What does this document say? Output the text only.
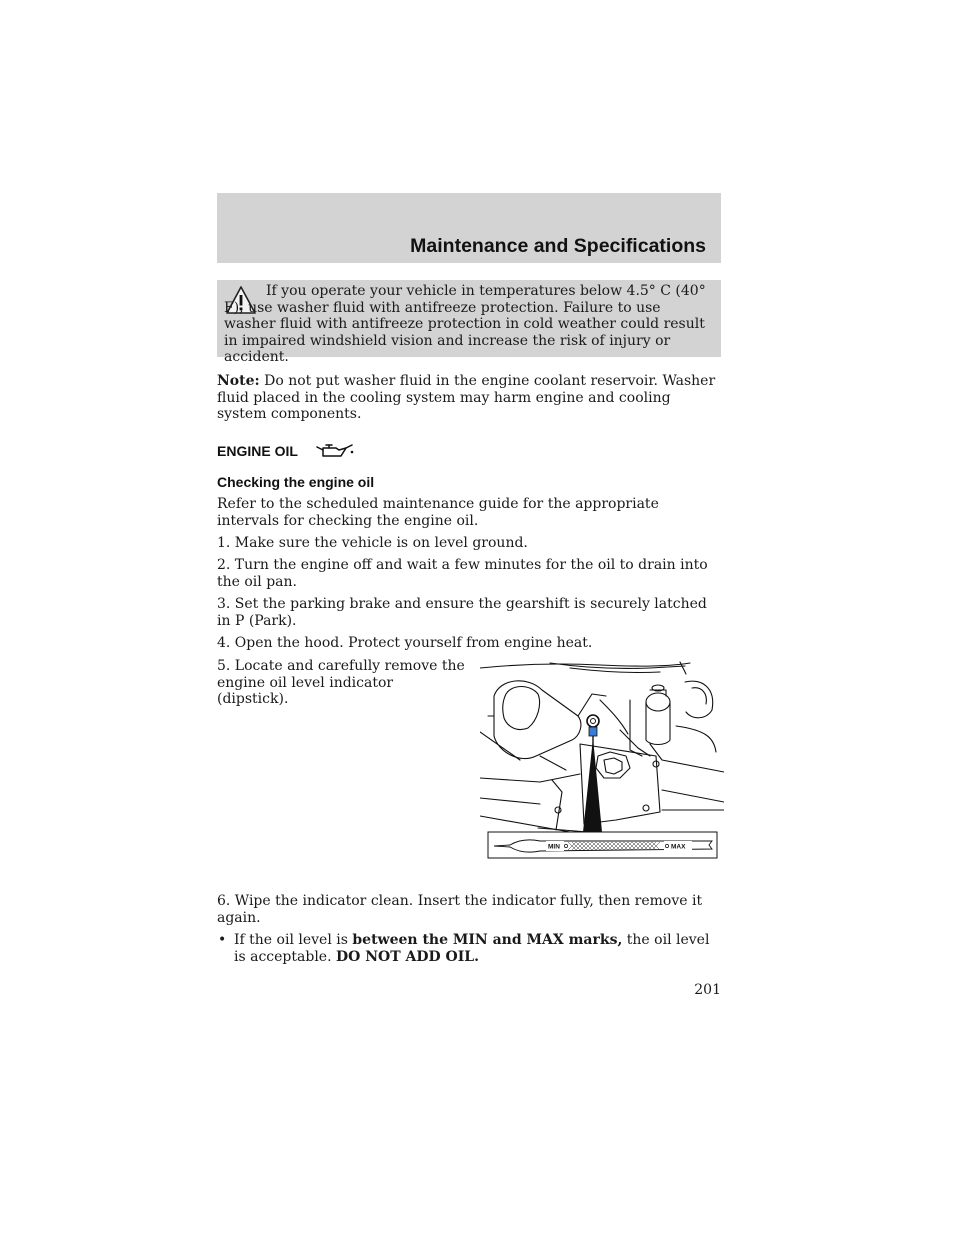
Maintenance and Specifications
If you operate your vehicle in temperatures below 4.5° C (40° F), use washer fluid with antifreeze protection. Failure to use washer fluid with antifreeze protection in cold weather could result in impaired windshield vision and increase the risk of injury or accident.
Note: Do not put washer fluid in the engine coolant reservoir. Washer fluid placed in the cooling system may harm engine and cooling system components.
ENGINE OIL
Checking the engine oil
Refer to the scheduled maintenance guide for the appropriate intervals for checking the engine oil.
1. Make sure the vehicle is on level ground.
2. Turn the engine off and wait a few minutes for the oil to drain into the oil pan.
3. Set the parking brake and ensure the gearshift is securely latched in P (Park).
4. Open the hood. Protect yourself from engine heat.
5. Locate and carefully remove the engine oil level indicator (dipstick).
MIN	MAX
6. Wipe the indicator clean. Insert the indicator fully, then remove it again.
• If the oil level is between the MIN and MAX marks, the oil level is acceptable. DO NOT ADD OIL.
201
